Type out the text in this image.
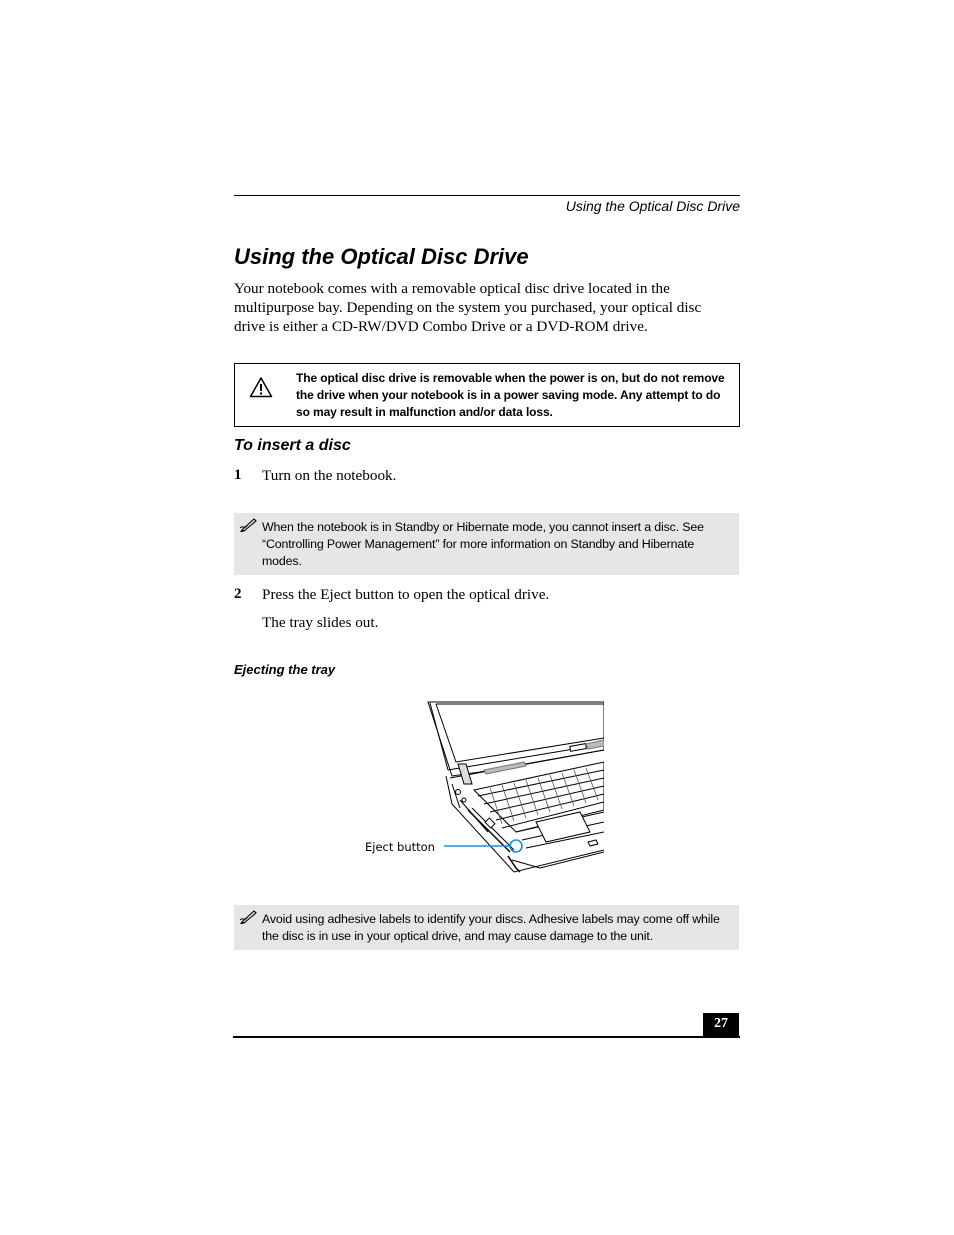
Using the Optical Disc Drive
Using the Optical Disc Drive

Your notebook comes with a removable optical disc drive located in the
multipurpose bay. Depending on the system you purchased, your optical disc
drive is either a CD-RW/DVD Combo Drive or a DVD-ROM drive.

The optical disc drive is removable when the power is on, but do not remove
the drive when your notebook is in a power saving mode. Any attempt to do
so may result in malfunction and/or data loss.
To insert a disc
1 Turn on the notebook.
When the notebook is in Standby or Hibernate mode, you cannot insert a disc. See
“Controlling Power Management” for more information on Standby and Hibernate
modes.
2 Press the Eject button to open the optical drive.
The tray slides out.
Ejecting the tray
Eject button
Avoid using adhesive labels to identify your discs. Adhesive labels may come off while
the disc is in use in your optical drive, and may cause damage to the unit.
27
